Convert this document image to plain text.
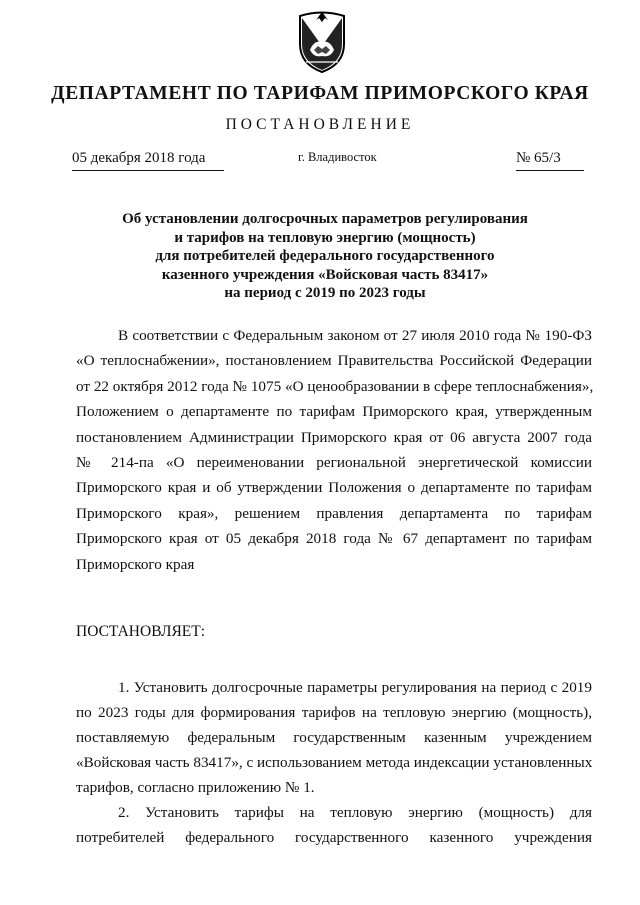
ДЕПАРТАМЕНТ ПО ТАРИФАМ ПРИМОРСКОГО КРАЯ
ПОСТАНОВЛЕНИЕ
05 декабря 2018 года	г. Владивосток	№ 65/3
Об установлении долгосрочных параметров регулирования
и тарифов на тепловую энергию (мощность)
для потребителей федерального государственного
казенного учреждения «Войсковая часть 83417»
на период с 2019 по 2023 годы
В соответствии с Федеральным законом от 27 июля 2010 года № 190-ФЗ
«О теплоснабжении», постановлением Правительства Российской Федерации
от 22 октября 2012 года № 1075 «О ценообразовании в сфере теплоснабжения»,
Положением о департаменте по тарифам Приморского края, утвержденным
постановлением Администрации Приморского края от 06 августа 2007 года
№ 214-па «О переименовании региональной энергетической комиссии
Приморского края и об утверждении Положения о департаменте по тарифам
Приморского края», решением правления департамента по тарифам
Приморского края от 05 декабря 2018 года № 67 департамент по тарифам
Приморского края
ПОСТАНОВЛЯЕТ:
1. Установить долгосрочные параметры регулирования на период с 2019
по 2023 годы для формирования тарифов на тепловую энергию (мощность),
поставляемую федеральным государственным казенным учреждением
«Войсковая часть 83417», с использованием метода индексации установленных
тарифов, согласно приложению № 1.
2. Установить тарифы на тепловую энергию (мощность) для
потребителей федерального государственного казенного учреждения
